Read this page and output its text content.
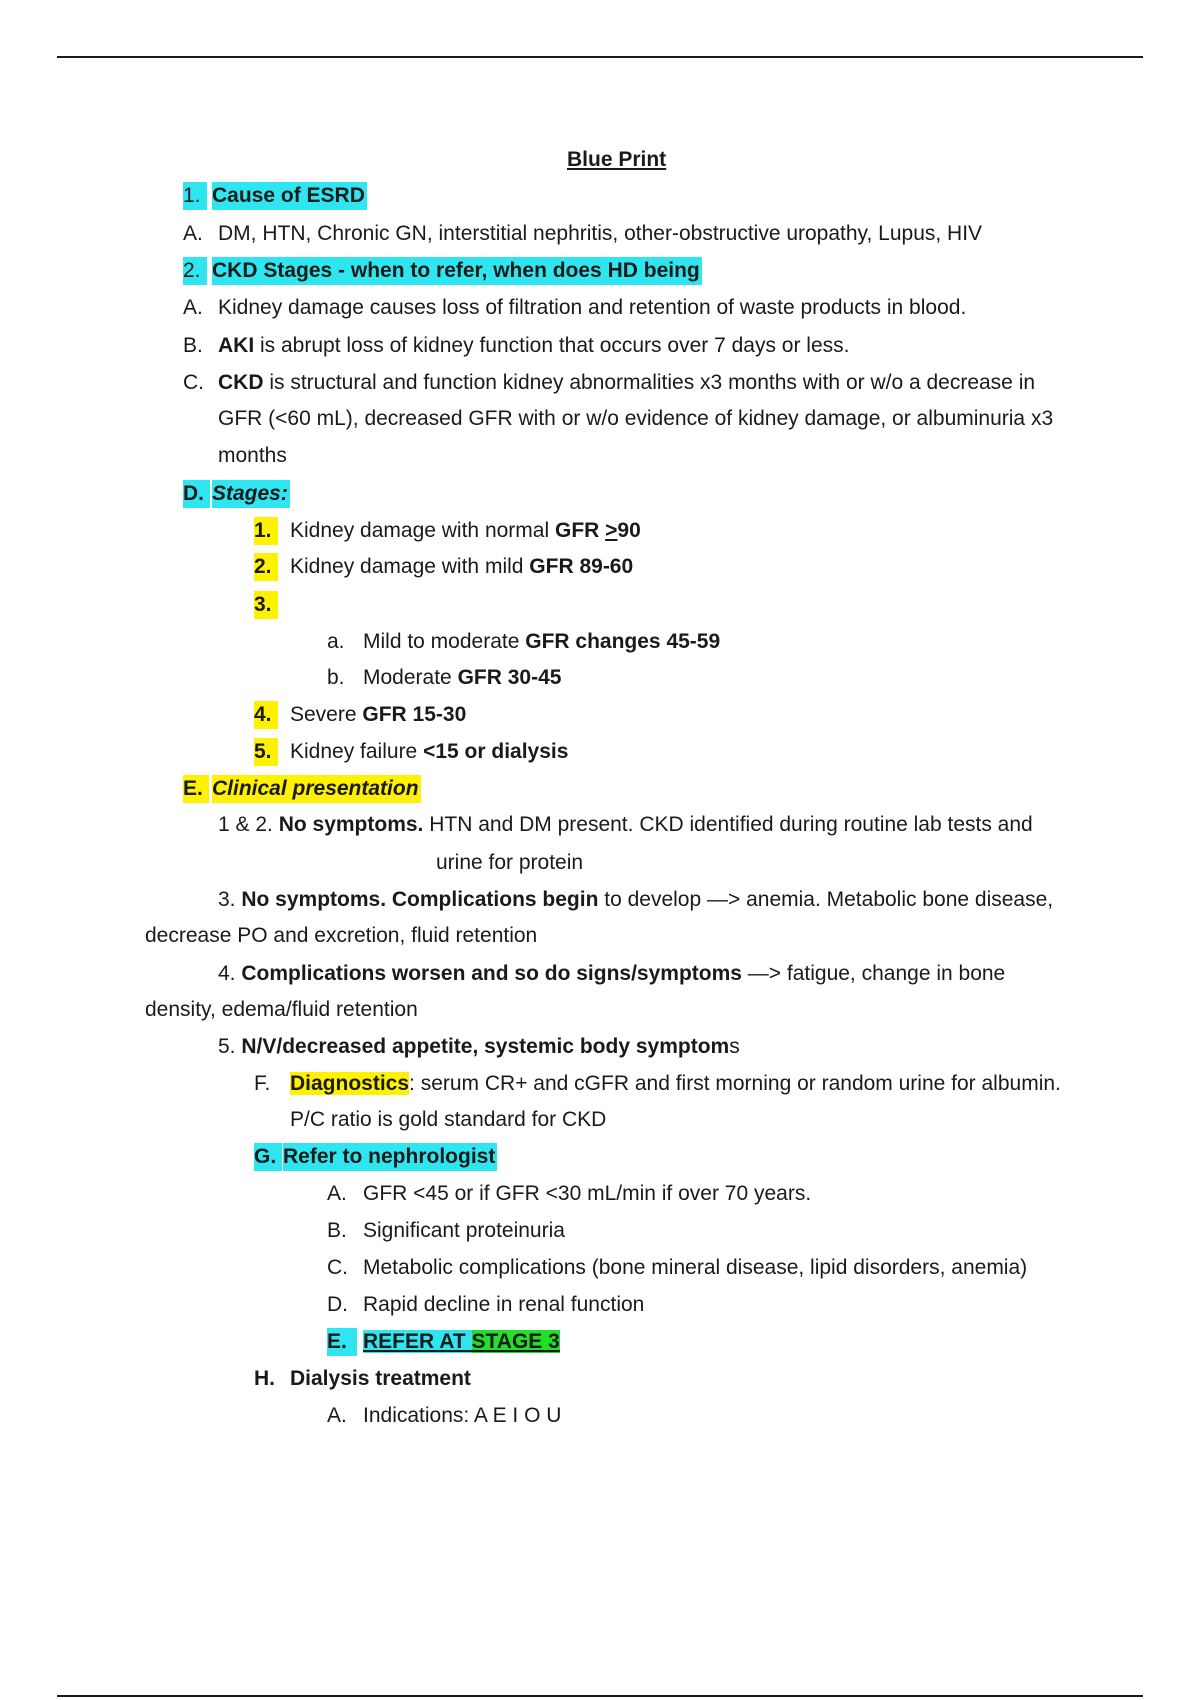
Blue Print
1. Cause of ESRD
A. DM, HTN, Chronic GN, interstitial nephritis, other-obstructive uropathy, Lupus, HIV
2. CKD Stages - when to refer, when does HD being
A. Kidney damage causes loss of filtration and retention of waste products in blood.
B. AKI is abrupt loss of kidney function that occurs over 7 days or less.
C. CKD is structural and function kidney abnormalities x3 months with or w/o a decrease in
GFR (<60 mL), decreased GFR with or w/o evidence of kidney damage, or albuminuria x3
months
D. Stages:
1. Kidney damage with normal GFR >90
2. Kidney damage with mild GFR 89-60
3.
a. Mild to moderate GFR changes 45-59
b. Moderate GFR 30-45
4. Severe GFR 15-30
5. Kidney failure <15 or dialysis
E. Clinical presentation
1 & 2. No symptoms. HTN and DM present. CKD identified during routine lab tests and
urine for protein
3. No symptoms. Complications begin to develop —> anemia. Metabolic bone disease,
decrease PO and excretion, fluid retention
4. Complications worsen and so do signs/symptoms —> fatigue, change in bone
density, edema/fluid retention
5. N/V/decreased appetite, systemic body symptoms
F. Diagnostics: serum CR+ and cGFR and first morning or random urine for albumin.
P/C ratio is gold standard for CKD
G. Refer to nephrologist
A. GFR <45 or if GFR <30 mL/min if over 70 years.
B. Significant proteinuria
C. Metabolic complications (bone mineral disease, lipid disorders, anemia)
D. Rapid decline in renal function
E. REFER AT STAGE 3
H. Dialysis treatment
A. Indications: A E I O U
